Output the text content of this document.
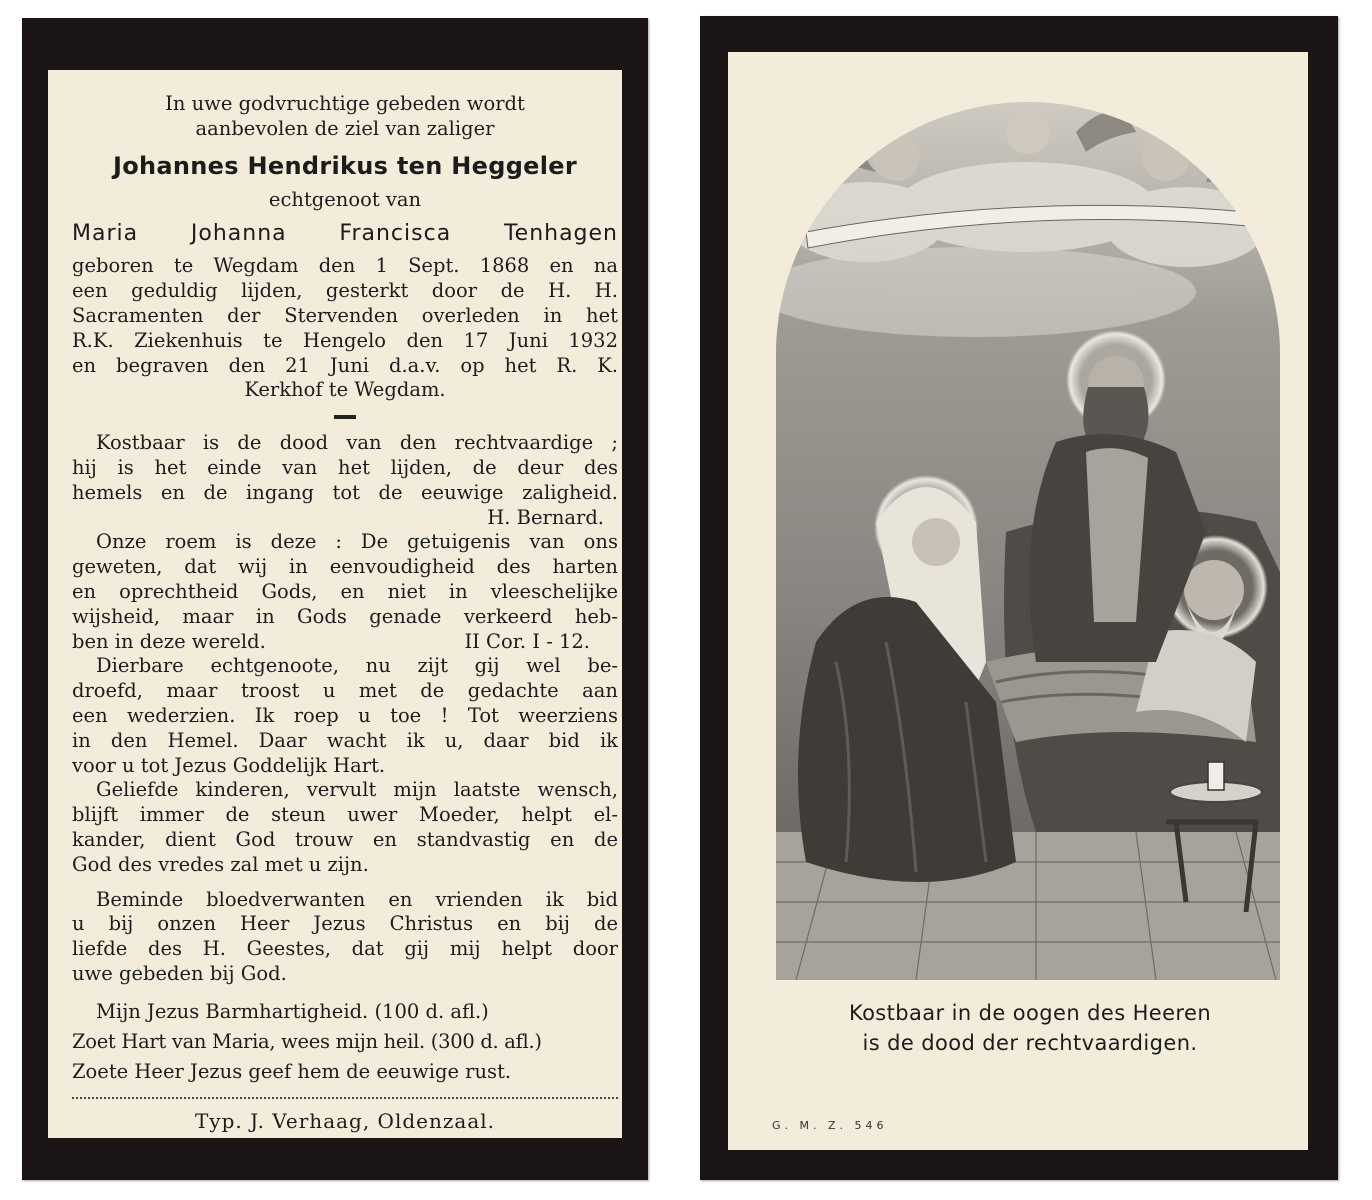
In uwe godvruchtige gebeden wordt
aanbevolen de ziel van zaliger
Johannes Hendrikus ten Heggeler
echtgenoot van
Maria Johanna Francisca Tenhagen
geboren te Wegdam den 1 Sept. 1868 en na
een geduldig lijden, gesterkt door de H. H.
Sacramenten der Stervenden overleden in het
R.K. Ziekenhuis te Hengelo den 17 Juni 1932
en begraven den 21 Juni d.a.v. op het R. K.
Kerkhof te Wegdam.
Kostbaar is de dood van den rechtvaardige ;
hij is het einde van het lijden, de deur des
hemels en de ingang tot de eeuwige zaligheid.
H. Bernard.
Onze roem is deze : De getuigenis van ons
geweten, dat wij in eenvoudigheid des harten
en oprechtheid Gods, en niet in vleeschelijke
wijsheid, maar in Gods genade verkeerd heb-
ben in deze wereld.	II Cor. I - 12.
Dierbare echtgenoote, nu zijt gij wel be-
droefd, maar troost u met de gedachte aan
een wederzien. Ik roep u toe ! Tot weerziens
in den Hemel. Daar wacht ik u, daar bid ik
voor u tot Jezus Goddelijk Hart.
Geliefde kinderen, vervult mijn laatste wensch,
blijft immer de steun uwer Moeder, helpt el-
kander, dient God trouw en standvastig en de
God des vredes zal met u zijn.
Beminde bloedverwanten en vrienden ik bid
u bij onzen Heer Jezus Christus en bij de
liefde des H. Geestes, dat gij mij helpt door
uwe gebeden bij God.
Mijn Jezus Barmhartigheid. (100 d. afl.)
Zoet Hart van Maria, wees mijn heil. (300 d. afl.)
Zoete Heer Jezus geef hem de eeuwige rust.
Typ. J. Verhaag, Oldenzaal.
Kostbaar in de oogen des Heeren
is de dood der rechtvaardigen.
G. M. Z. 546
